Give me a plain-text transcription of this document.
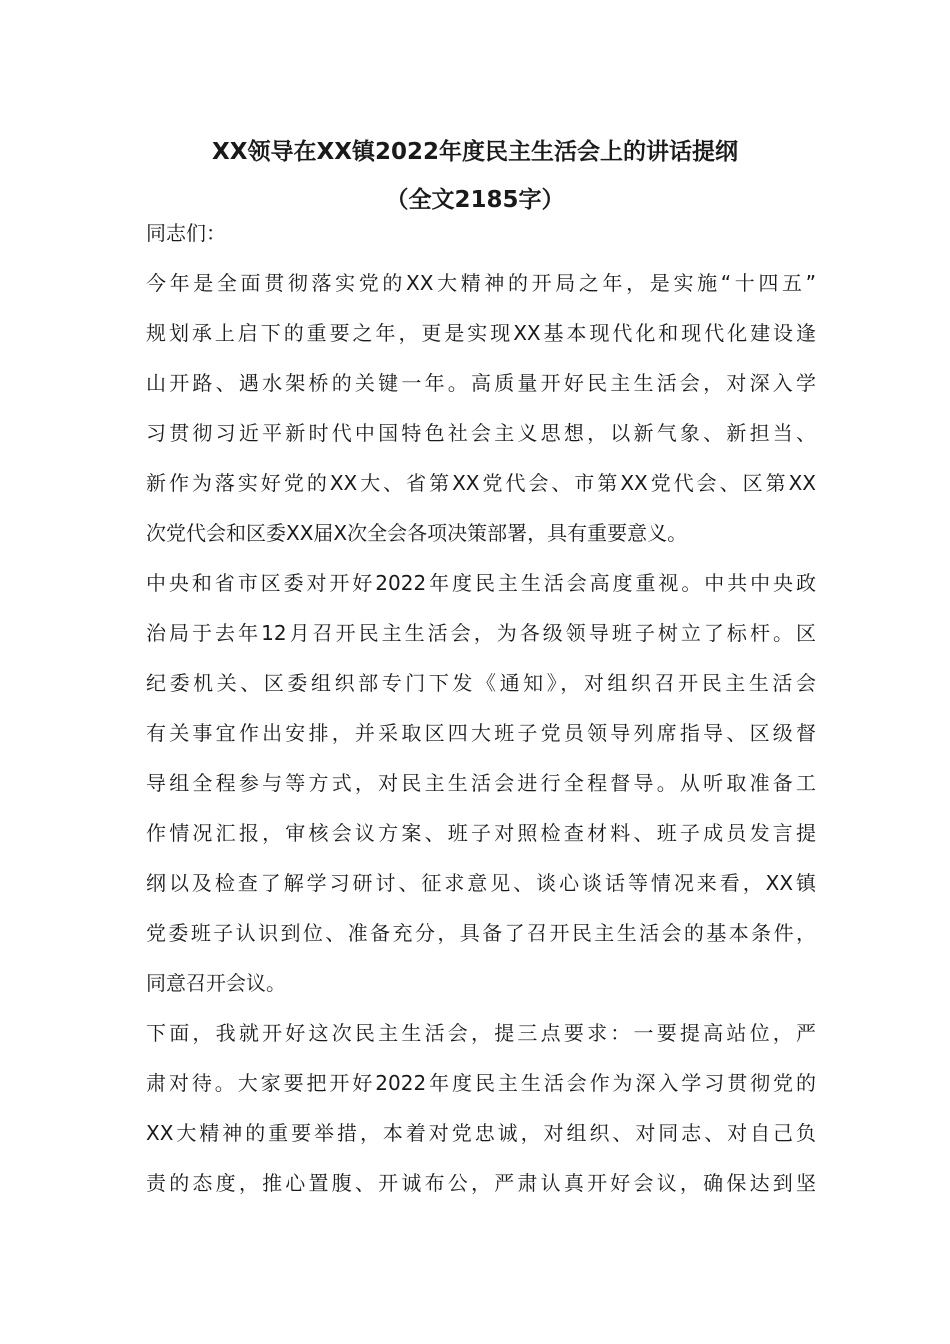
XX领导在XX镇2022年度民主生活会上的讲话提纲
（全文2185字）

同志们：

今年是全面贯彻落实党的XX大精神的开局之年，是实施“十四五”

规划承上启下的重要之年，更是实现XX基本现代化和现代化建设逢

山开路、遇水架桥的关键一年。高质量开好民主生活会，对深入学

习贯彻习近平新时代中国特色社会主义思想，以新气象、新担当、

新作为落实好党的XX大、省第XX党代会、市第XX党代会、区第XX

次党代会和区委XX届X次全会各项决策部署，具有重要意义。

中央和省市区委对开好2022年度民主生活会高度重视。中共中央政

治局于去年12月召开民主生活会，为各级领导班子树立了标杆。区

纪委机关、区委组织部专门下发《通知》，对组织召开民主生活会

有关事宜作出安排，并采取区四大班子党员领导列席指导、区级督

导组全程参与等方式，对民主生活会进行全程督导。从听取准备工

作情况汇报，审核会议方案、班子对照检查材料、班子成员发言提

纲以及检查了解学习研讨、征求意见、谈心谈话等情况来看，XX镇

党委班子认识到位、准备充分，具备了召开民主生活会的基本条件，

同意召开会议。

下面，我就开好这次民主生活会，提三点要求：一要提高站位，严

肃对待。大家要把开好2022年度民主生活会作为深入学习贯彻党的

XX大精神的重要举措，本着对党忠诚，对组织、对同志、对自己负

责的态度，推心置腹、开诚布公，严肃认真开好会议，确保达到坚
